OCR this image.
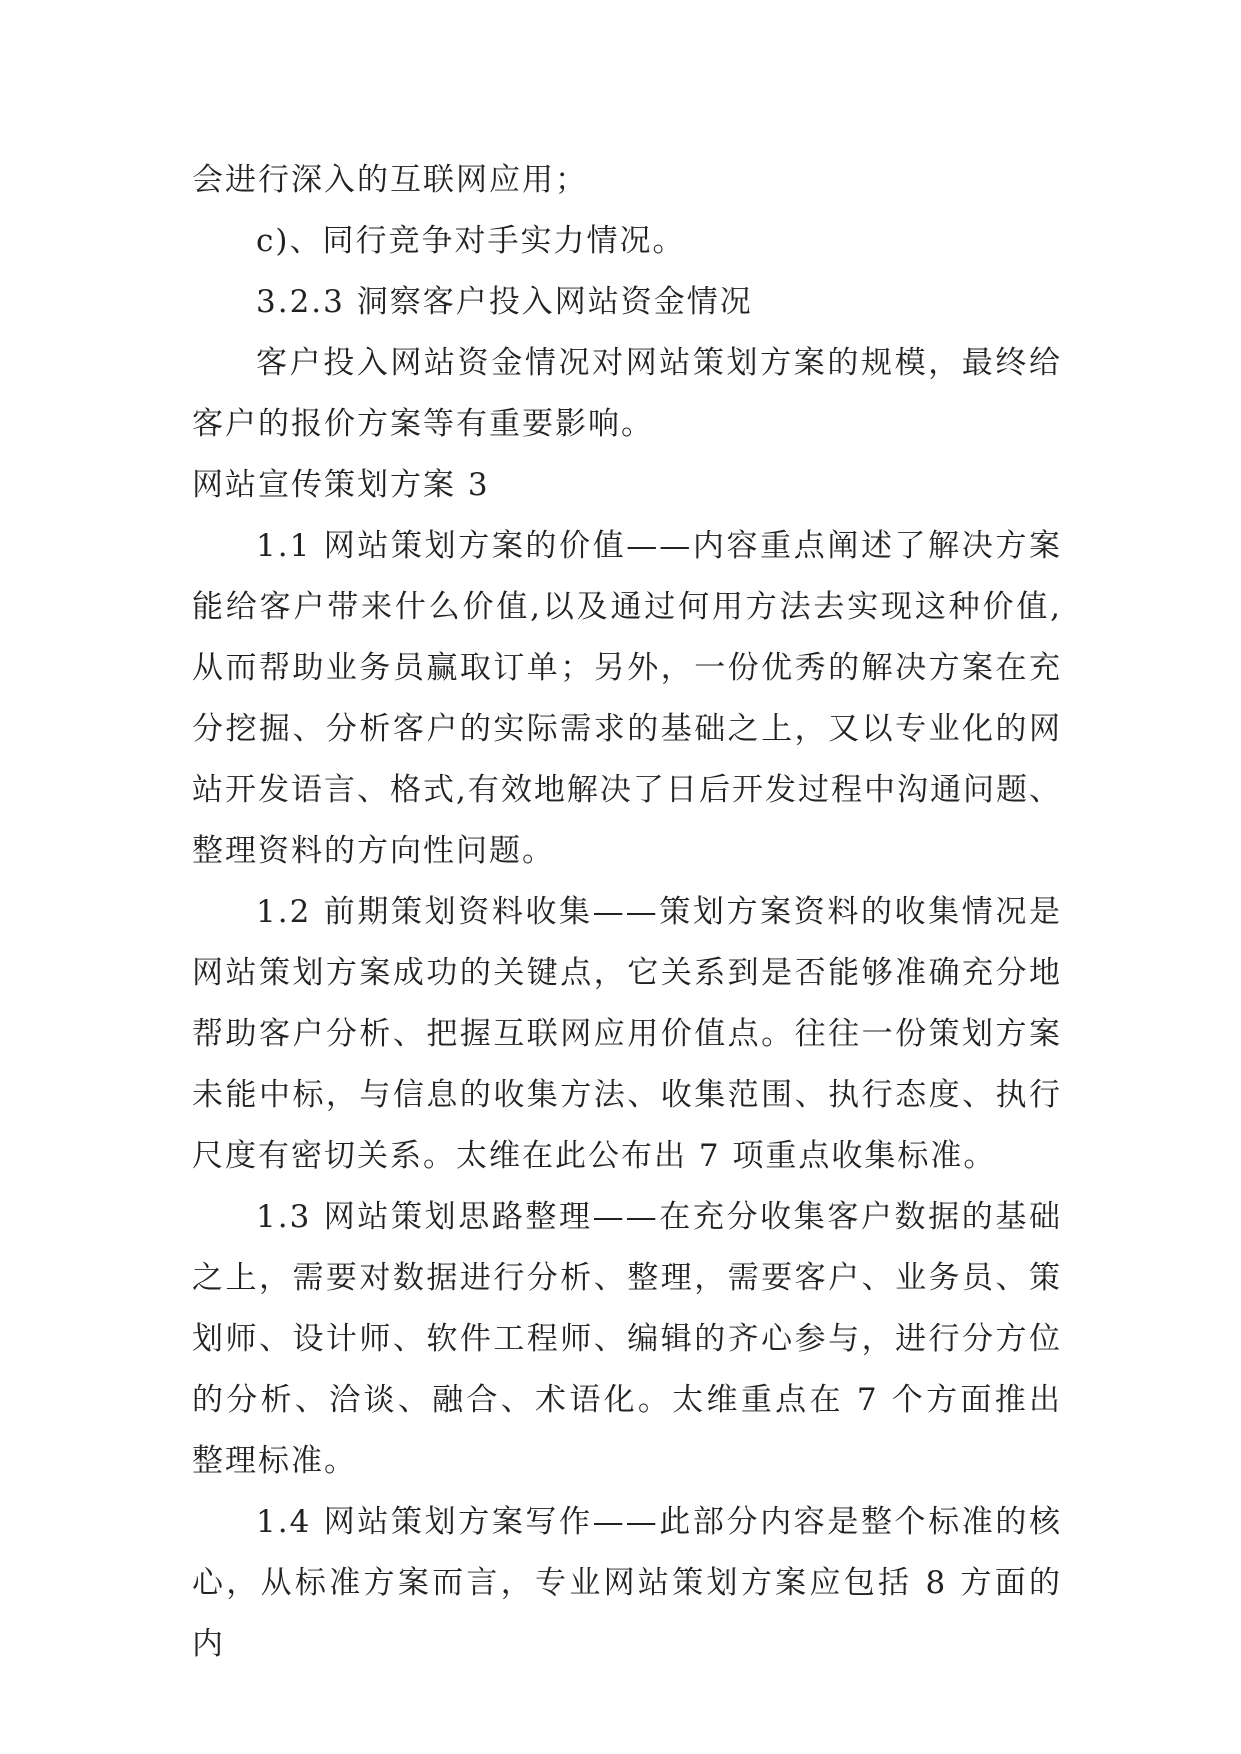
会进行深入的互联网应用；

c)、同行竞争对手实力情况。

3.2.3 洞察客户投入网站资金情况

客户投入网站资金情况对网站策划方案的规模，最终给客户的报价方案等有重要影响。

网站宣传策划方案 3

1.1 网站策划方案的价值——内容重点阐述了解决方案能给客户带来什么价值,以及通过何用方法去实现这种价值,从而帮助业务员赢取订单；另外，一份优秀的解决方案在充分挖掘、分析客户的实际需求的基础之上，又以专业化的网站开发语言、格式,有效地解决了日后开发过程中沟通问题、整理资料的方向性问题。

1.2 前期策划资料收集——策划方案资料的收集情况是网站策划方案成功的关键点，它关系到是否能够准确充分地帮助客户分析、把握互联网应用价值点。往往一份策划方案未能中标，与信息的收集方法、收集范围、执行态度、执行尺度有密切关系。太维在此公布出 7 项重点收集标准。

1.3 网站策划思路整理——在充分收集客户数据的基础之上，需要对数据进行分析、整理，需要客户、业务员、策划师、设计师、软件工程师、编辑的齐心参与，进行分方位的分析、洽谈、融合、术语化。太维重点在 7 个方面推出整理标准。

1.4 网站策划方案写作——此部分内容是整个标准的核心，从标准方案而言，专业网站策划方案应包括 8 方面的内
